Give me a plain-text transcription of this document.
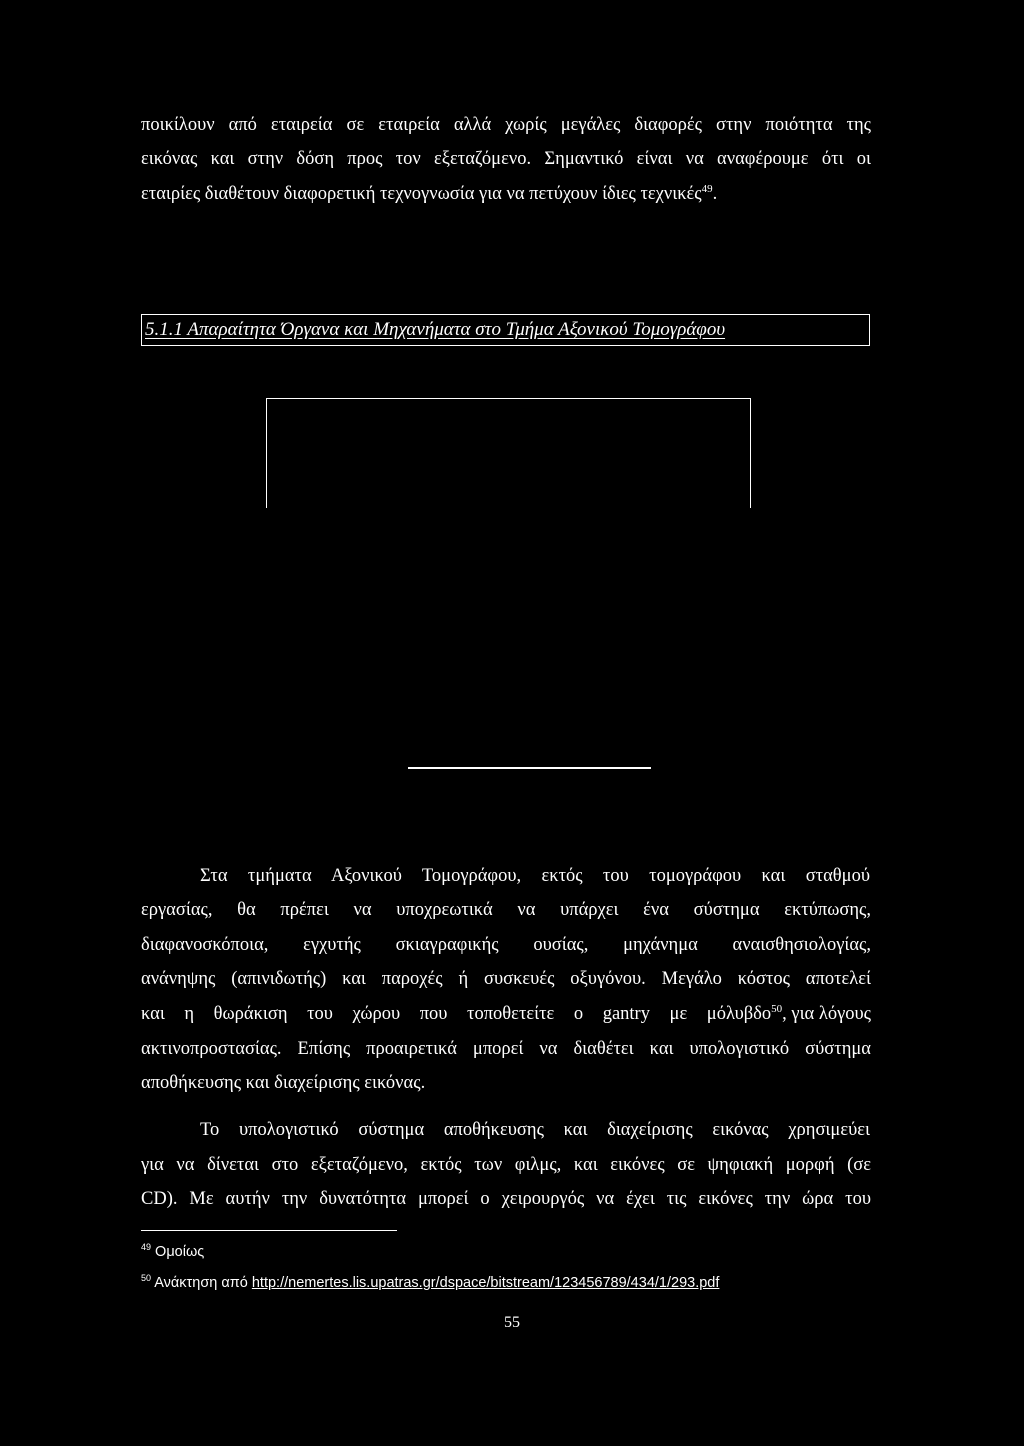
ποικίλουν από εταιρεία σε εταιρεία αλλά χωρίς μεγάλες διαφορές στην ποιότητα της
εικόνας και στην δόση προς τον εξεταζόμενο. Σημαντικό είναι να αναφέρουμε ότι οι
εταιρίες διαθέτουν διαφορετική τεχνογνωσία για να πετύχουν ίδιες τεχνικές$^{49}$.
5.1.1 Απαραίτητα Όργανα και Μηχανήματα στο Τμήμα Αξονικού Τομογράφου
Στα τμήματα Αξονικού Τομογράφου, εκτός του τομογράφου και σταθμού
εργασίας, θα πρέπει να υποχρεωτικά να υπάρχει ένα σύστημα εκτύπωσης,
διαφανοσκόποια, εγχυτής σκιαγραφικής ουσίας, μηχάνημα αναισθησιολογίας,
ανάνηψης (απινιδωτής) και παροχές ή συσκευές οξυγόνου. Μεγάλο κόστος αποτελεί
και η θωράκιση του χώρου που τοποθετείτε ο gantry με μόλυβδο $^{50}$, για λόγους
ακτινοπροστασίας. Επίσης προαιρετικά μπορεί να διαθέτει και υπολογιστικό σύστημα
αποθήκευσης και διαχείρισης εικόνας.
Το υπολογιστικό σύστημα αποθήκευσης και διαχείρισης εικόνας χρησιμεύει
για να δίνεται στο εξεταζόμενο, εκτός των φιλμς, και εικόνες σε ψηφιακή μορφή (σε
CD). Με αυτήν την δυνατότητα μπορεί ο χειρουργός να έχει τις εικόνες την ώρα του
$^{49}$ Ομοίως
$^{50}$ Ανάκτηση από http://nemertes.lis.upatras.gr/dspace/bitstream/123456789/434/1/293.pdf
55
